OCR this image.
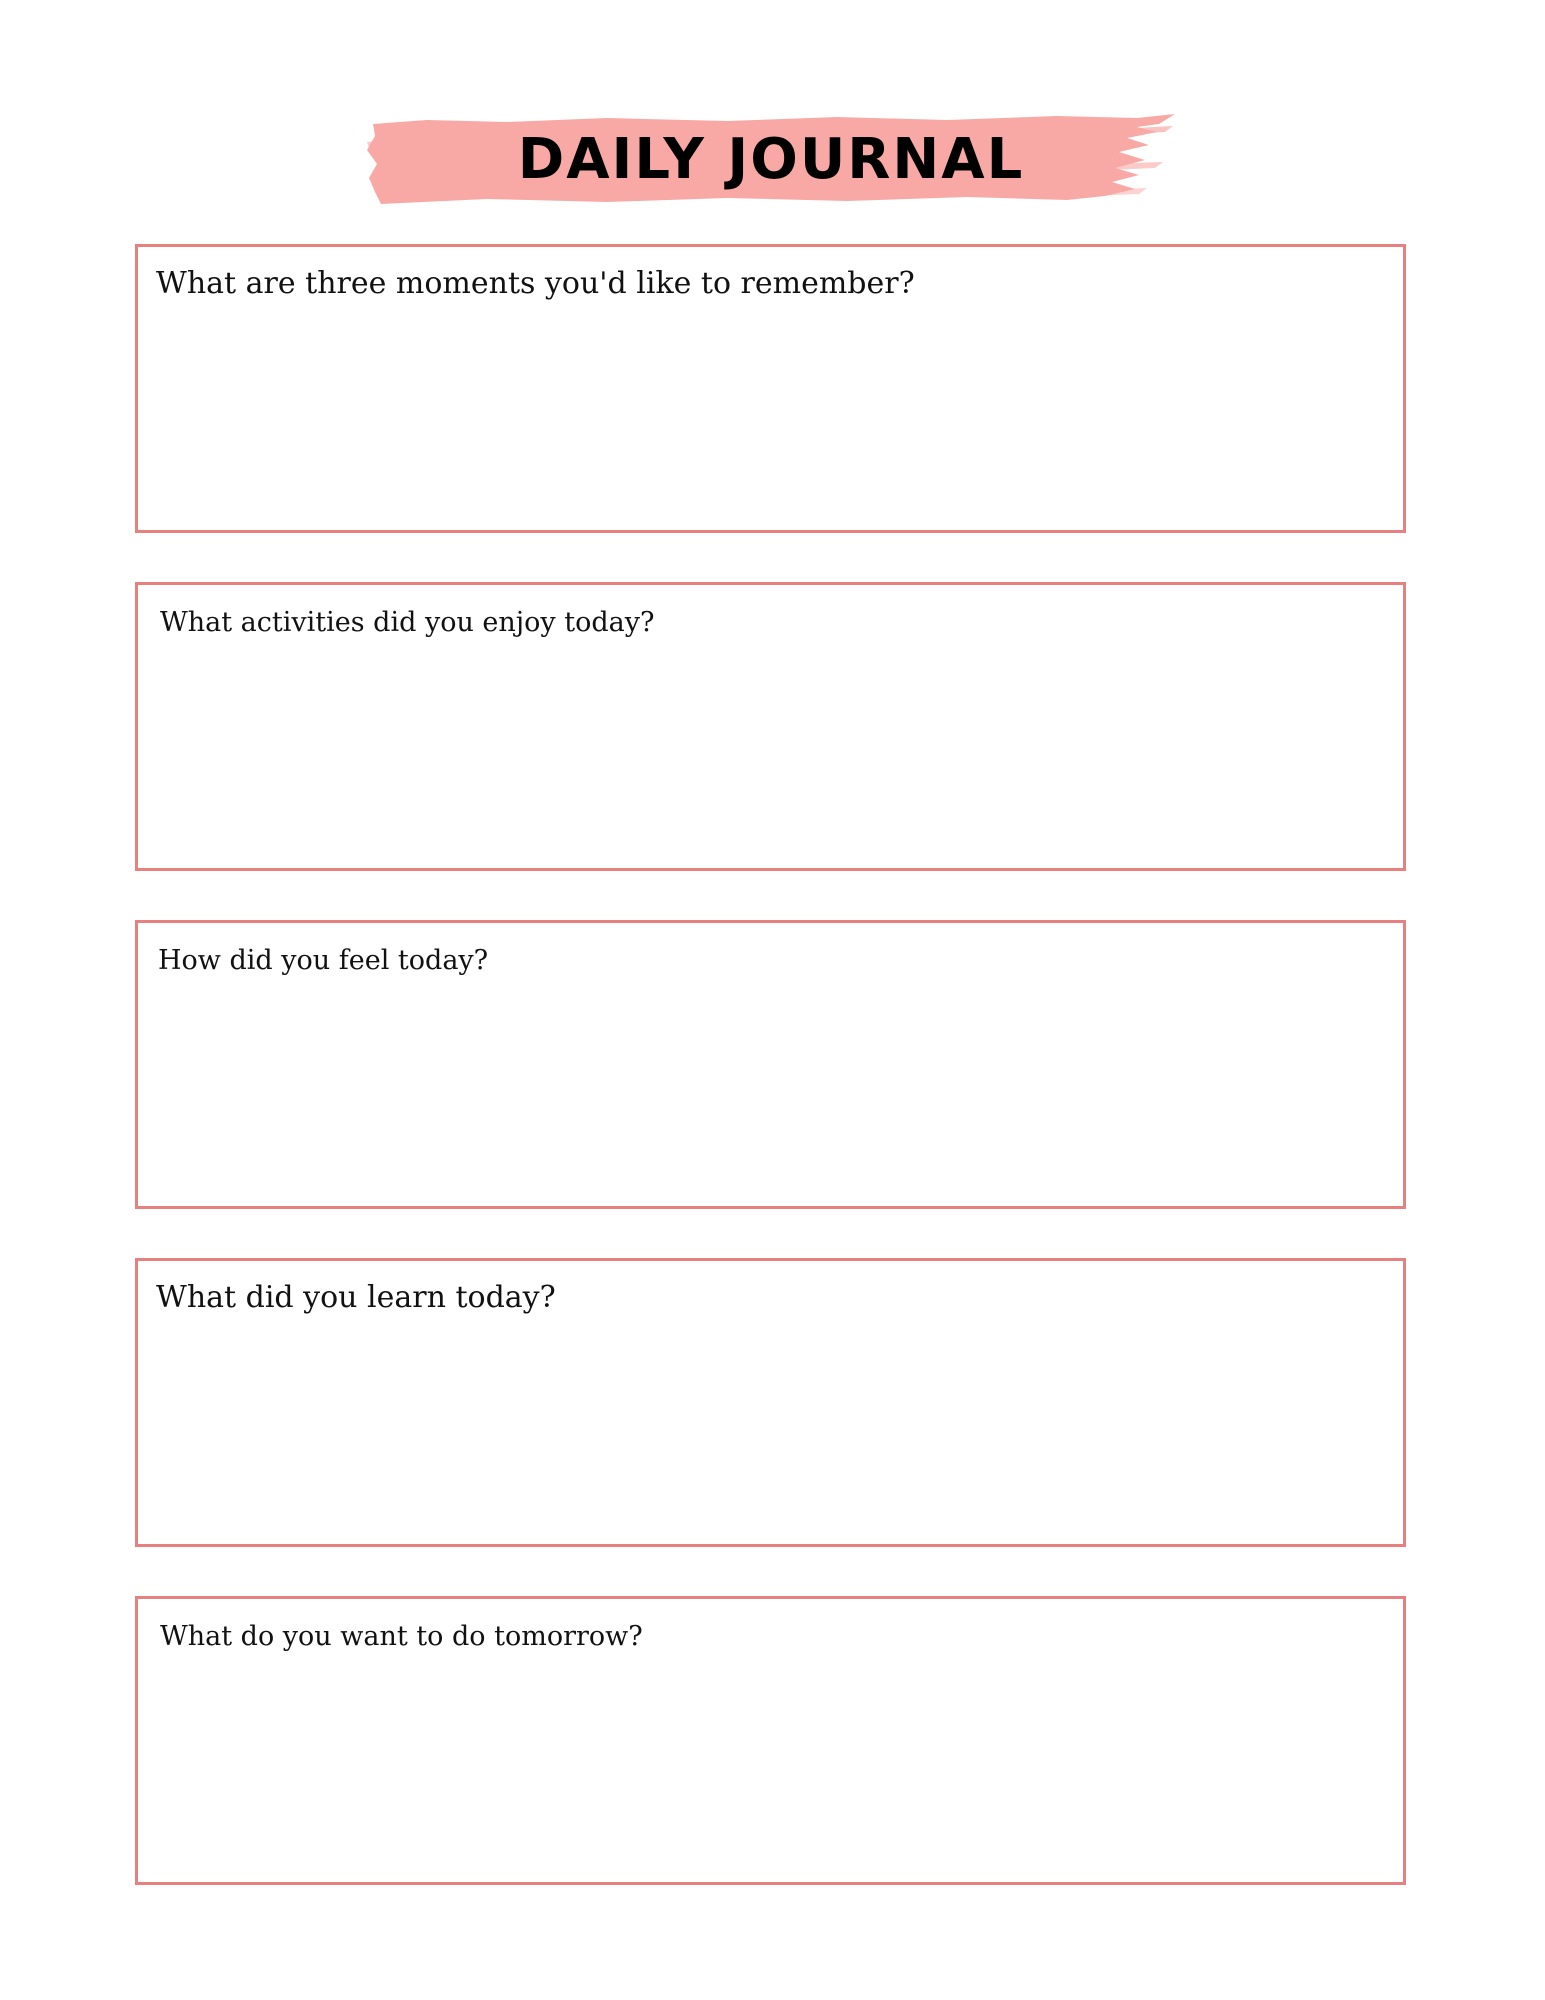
DAILY JOURNAL
What are three moments you'd like to remember?
What activities did you enjoy today?
How did you feel today?
What did you learn today?
What do you want to do tomorrow?
